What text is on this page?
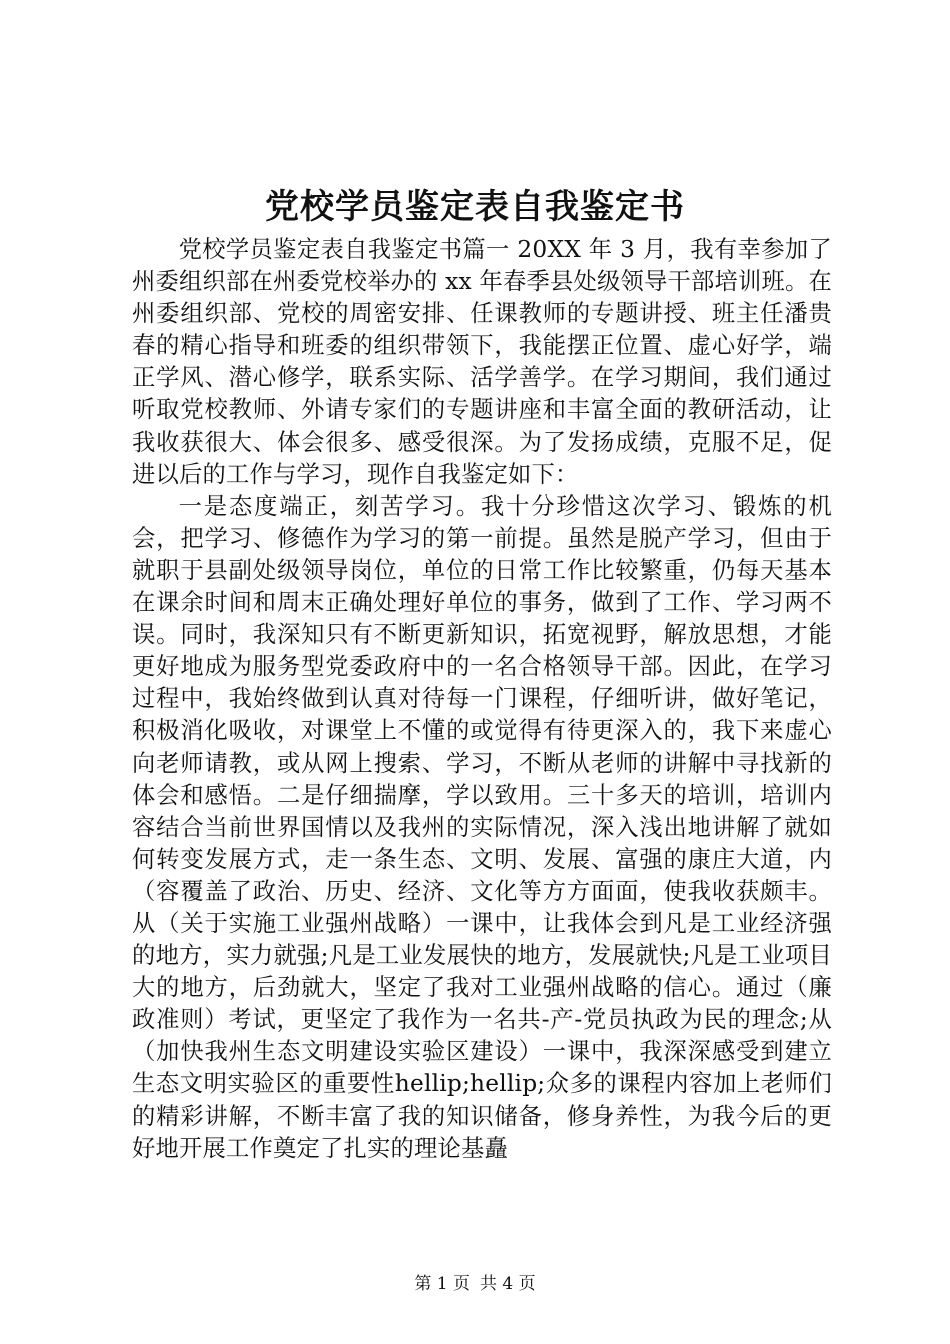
党校学员鉴定表自我鉴定书

党校学员鉴定表自我鉴定书篇一 20XX 年 3 月，我有幸参加了州委组织部在州委党校举办的 xx 年春季县处级领导干部培训班。在州委组织部、党校的周密安排、任课教师的专题讲授、班主任潘贵春的精心指导和班委的组织带领下，我能摆正位置、虚心好学，端正学风、潜心修学，联系实际、活学善学。在学习期间，我们通过听取党校教师、外请专家们的专题讲座和丰富全面的教研活动，让我收获很大、体会很多、感受很深。为了发扬成绩，克服不足，促进以后的工作与学习，现作自我鉴定如下：

一是态度端正，刻苦学习。我十分珍惜这次学习、锻炼的机会，把学习、修德作为学习的第一前提。虽然是脱产学习，但由于就职于县副处级领导岗位，单位的日常工作比较繁重，仍每天基本在课余时间和周末正确处理好单位的事务，做到了工作、学习两不误。同时，我深知只有不断更新知识，拓宽视野，解放思想，才能更好地成为服务型党委政府中的一名合格领导干部。因此，在学习过程中，我始终做到认真对待每一门课程，仔细听讲，做好笔记，积极消化吸收，对课堂上不懂的或觉得有待更深入的，我下来虚心向老师请教，或从网上搜索、学习，不断从老师的讲解中寻找新的体会和感悟。二是仔细揣摩，学以致用。三十多天的培训，培训内容结合当前世界国情以及我州的实际情况，深入浅出地讲解了就如何转变发展方式，走一条生态、文明、发展、富强的康庄大道，内（容覆盖了政治、历史、经济、文化等方方面面，使我收获颇丰。从（关于实施工业强州战略）一课中，让我体会到凡是工业经济强的地方，实力就强;凡是工业发展快的地方，发展就快;凡是工业项目大的地方，后劲就大，坚定了我对工业强州战略的信心。通过（廉政准则）考试，更坚定了我作为一名共-产-党员执政为民的理念;从（加快我州生态文明建设实验区建设）一课中，我深深感受到建立生态文明实验区的重要性hellip;hellip;众多的课程内容加上老师们的精彩讲解，不断丰富了我的知识储备，修身养性，为我今后的更好地开展工作奠定了扎实的理论基矗

第 1 页 共 4 页
